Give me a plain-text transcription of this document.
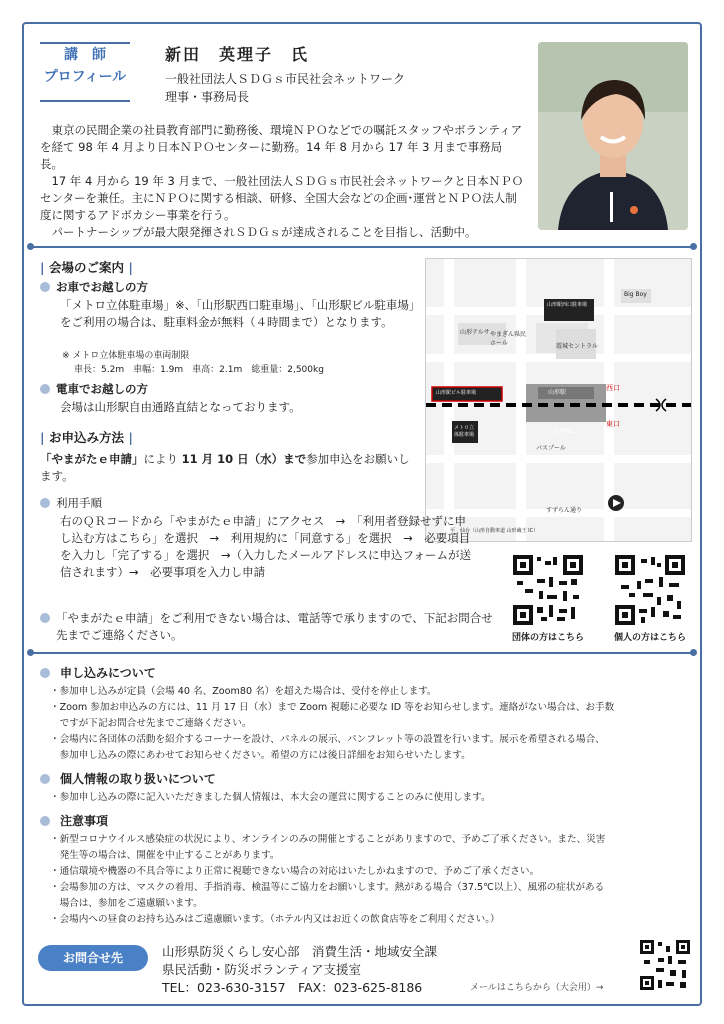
講　師
プロフィール
新田　英理子　氏
一般社団法人ＳＤＧｓ市民社会ネットワーク
理事・事務局長

東京の民間企業の社員教育部門に勤務後、環境ＮＰＯなどでの嘱託スタッフやボランティアを経て 98 年 4 月より日本ＮＰＯセンターに勤務。14 年 8 月から 17 年 3 月まで事務局長。

17 年 4 月から 19 年 3 月まで、一般社団法人ＳＤＧｓ市民社会ネットワークと日本ＮＰＯセンターを兼任。主にＮＰＯに関する相談、研修、全国大会などの企画･運営とＮＰＯ法人制度に関するアドボカシー事業を行う。

パートナーシップが最大限発揮されＳＤＧｓが達成されることを目指し、活動中。

| 会場のご案内 |
お車でお越しの方
「メトロ立体駐車場」※、「山形駅西口駐車場」、「山形駅ビル駐車場」をご利用の場合は、駐車料金が無料（４時間まで）となります。
※ メトロ立体駐車場の車両制限
車長：5.2m　車幅：1.9m　車高：2.1m　総重量：2,500kg
電車でお越しの方
会場は山形駅自由通路直結となっております。
山形テルサ やまぎん県民ホール	霞城セントラル
山形駅西口駐車場
山形駅ビル駐車場	山形駅
S-PAL
メトロ立体駐車場
パスプール
西口
東口
Big Boy
すずらん通り
至　仙台（山形自動車道 山形蔵王 IC）
| お申込み方法 |
「やまがたｅ申請」により 11 月 10 日（水）まで参加申込をお願いします。
利用手順
右のＱＲコードから「やまがたｅ申請」にアクセス　→　「利用者登録せずに申し込む方はこちら」を選択　→　利用規約に「同意する」を選択　→　必要項目を入力し「完了する」を選択　→（入力したメールアドレスに申込フォームが送信されます）→　必要事項を入力し申請
「やまがたｅ申請」をご利用できない場合は、電話等で承りますので、下記お問合せ先までご連絡ください。	団体の方はこちら	個人の方はこちら
申し込みについて
・参加申し込みが定員（会場 40 名、Zoom80 名）を超えた場合は、受付を停止します。
・Zoom 参加お申込みの方には、11 月 17 日（水）まで Zoom 視聴に必要な ID 等をお知らせします。連絡がない場合は、お手数
　ですが下記お問合せ先までご連絡ください。
・会場内に各団体の活動を紹介するコーナーを設け、パネルの展示、パンフレット等の設置を行います。展示を希望される場合、
　参加申し込みの際にあわせてお知らせください。希望の方には後日詳細をお知らせいたします。
個人情報の取り扱いについて
・参加申し込みの際に記入いただきました個人情報は、本大会の運営に関することのみに使用します。
注意事項
・新型コロナウイルス感染症の状況により、オンラインのみの開催とすることがありますので、予めご了承ください。また、災害
　発生等の場合は、開催を中止することがあります。
・通信環境や機器の不具合等により正常に視聴できない場合の対応はいたしかねますので、予めご了承ください。
・会場参加の方は、マスクの着用、手指消毒、検温等にご協力をお願いします。熱がある場合（37.5℃以上）、風邪の症状がある
　場合は、参加をご遠慮願います。
・会場内への昼食のお持ち込みはご遠慮願います。（ホテル内又はお近くの飲食店等をご利用ください。）
お問合せ先	山形県防災くらし安心部　消費生活・地域安全課
県民活動・防災ボランティア支援室
TEL：023-630-3157　FAX：023-625-8186	メールはこちらから（大会用）→
